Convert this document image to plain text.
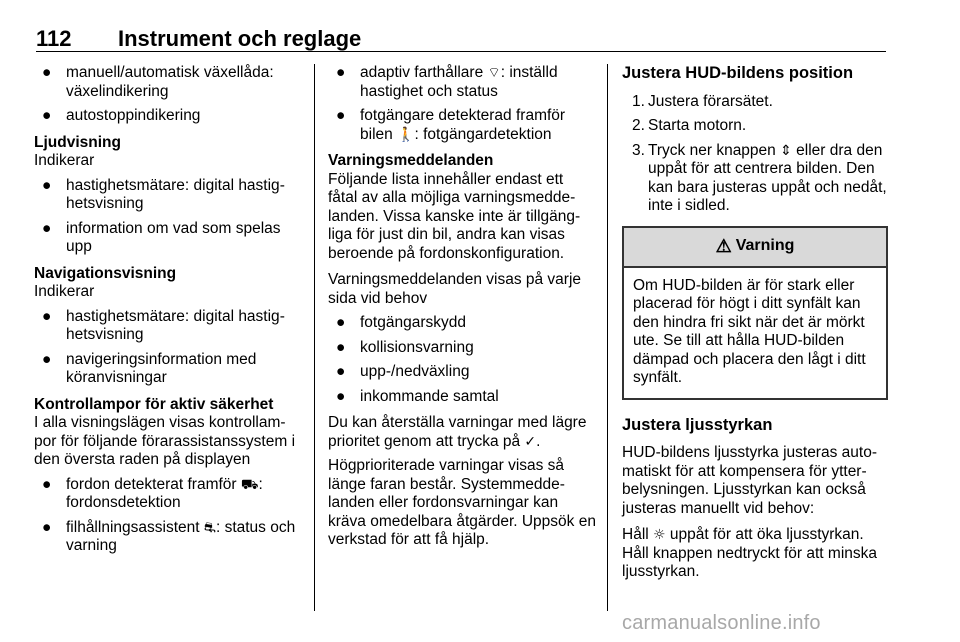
112 Instrument och reglage
● manuell/automatisk växellåda: växelindikering
● autostoppindikering
Ljudvisning

Indikerar

● hastighetsmätare: digital hastighetsvisning
● information om vad som spelas upp
Navigationsvisning

Indikerar

● hastighetsmätare: digital hastighetsvisning
● navigeringsinformation med köranvisningar
Kontrollampor för aktiv säkerhet

I alla visningslägen visas kontrollampor för följande förarassistanssystem i den översta raden på displayen

● fordon detekterat framför ⛟: fordonsdetektion
● filhållningsassistent ⛐: status och varning
● adaptiv farthållare ⌔: inställd hastighet och status
● fotgängare detekterad framför bilen 🚶: fotgängardetektion
Varningsmeddelanden

Följande lista innehåller endast ett fåtal av alla möjliga varningsmeddelanden. Vissa kanske inte är tillgängliga för just din bil, andra kan visas beroende på fordonskonfiguration.

Varningsmeddelanden visas på varje sida vid behov

● fotgängarskydd
● kollisionsvarning
● upp-/nedväxling
● inkommande samtal

Du kan återställa varningar med lägre prioritet genom att trycka på ✓.

Högprioriterade varningar visas så länge faran består. Systemmeddelanden eller fordonsvarningar kan kräva omedelbara åtgärder. Uppsök en verkstad för att få hjälp.

Justera HUD-bildens position
1. Justera förarsätet.
2. Starta motorn.
3. Tryck ner knappen ⇕ eller dra den uppåt för att centrera bilden. Den kan bara justeras uppåt och nedåt, inte i sidled.
⚠ Varning
Om HUD-bilden är för stark eller placerad för högt i ditt synfält kan den hindra fri sikt när det är mörkt ute. Se till att hålla HUD-bilden dämpad och placera den lågt i ditt synfält.
Justera ljusstyrkan

HUD-bildens ljusstyrka justeras automatiskt för att kompensera för ytterbelysningen. Ljusstyrkan kan också justeras manuellt vid behov:

Håll ☼ uppåt för att öka ljusstyrkan. Håll knappen nedtryckt för att minska ljusstyrkan.

carmanualsonline.info
